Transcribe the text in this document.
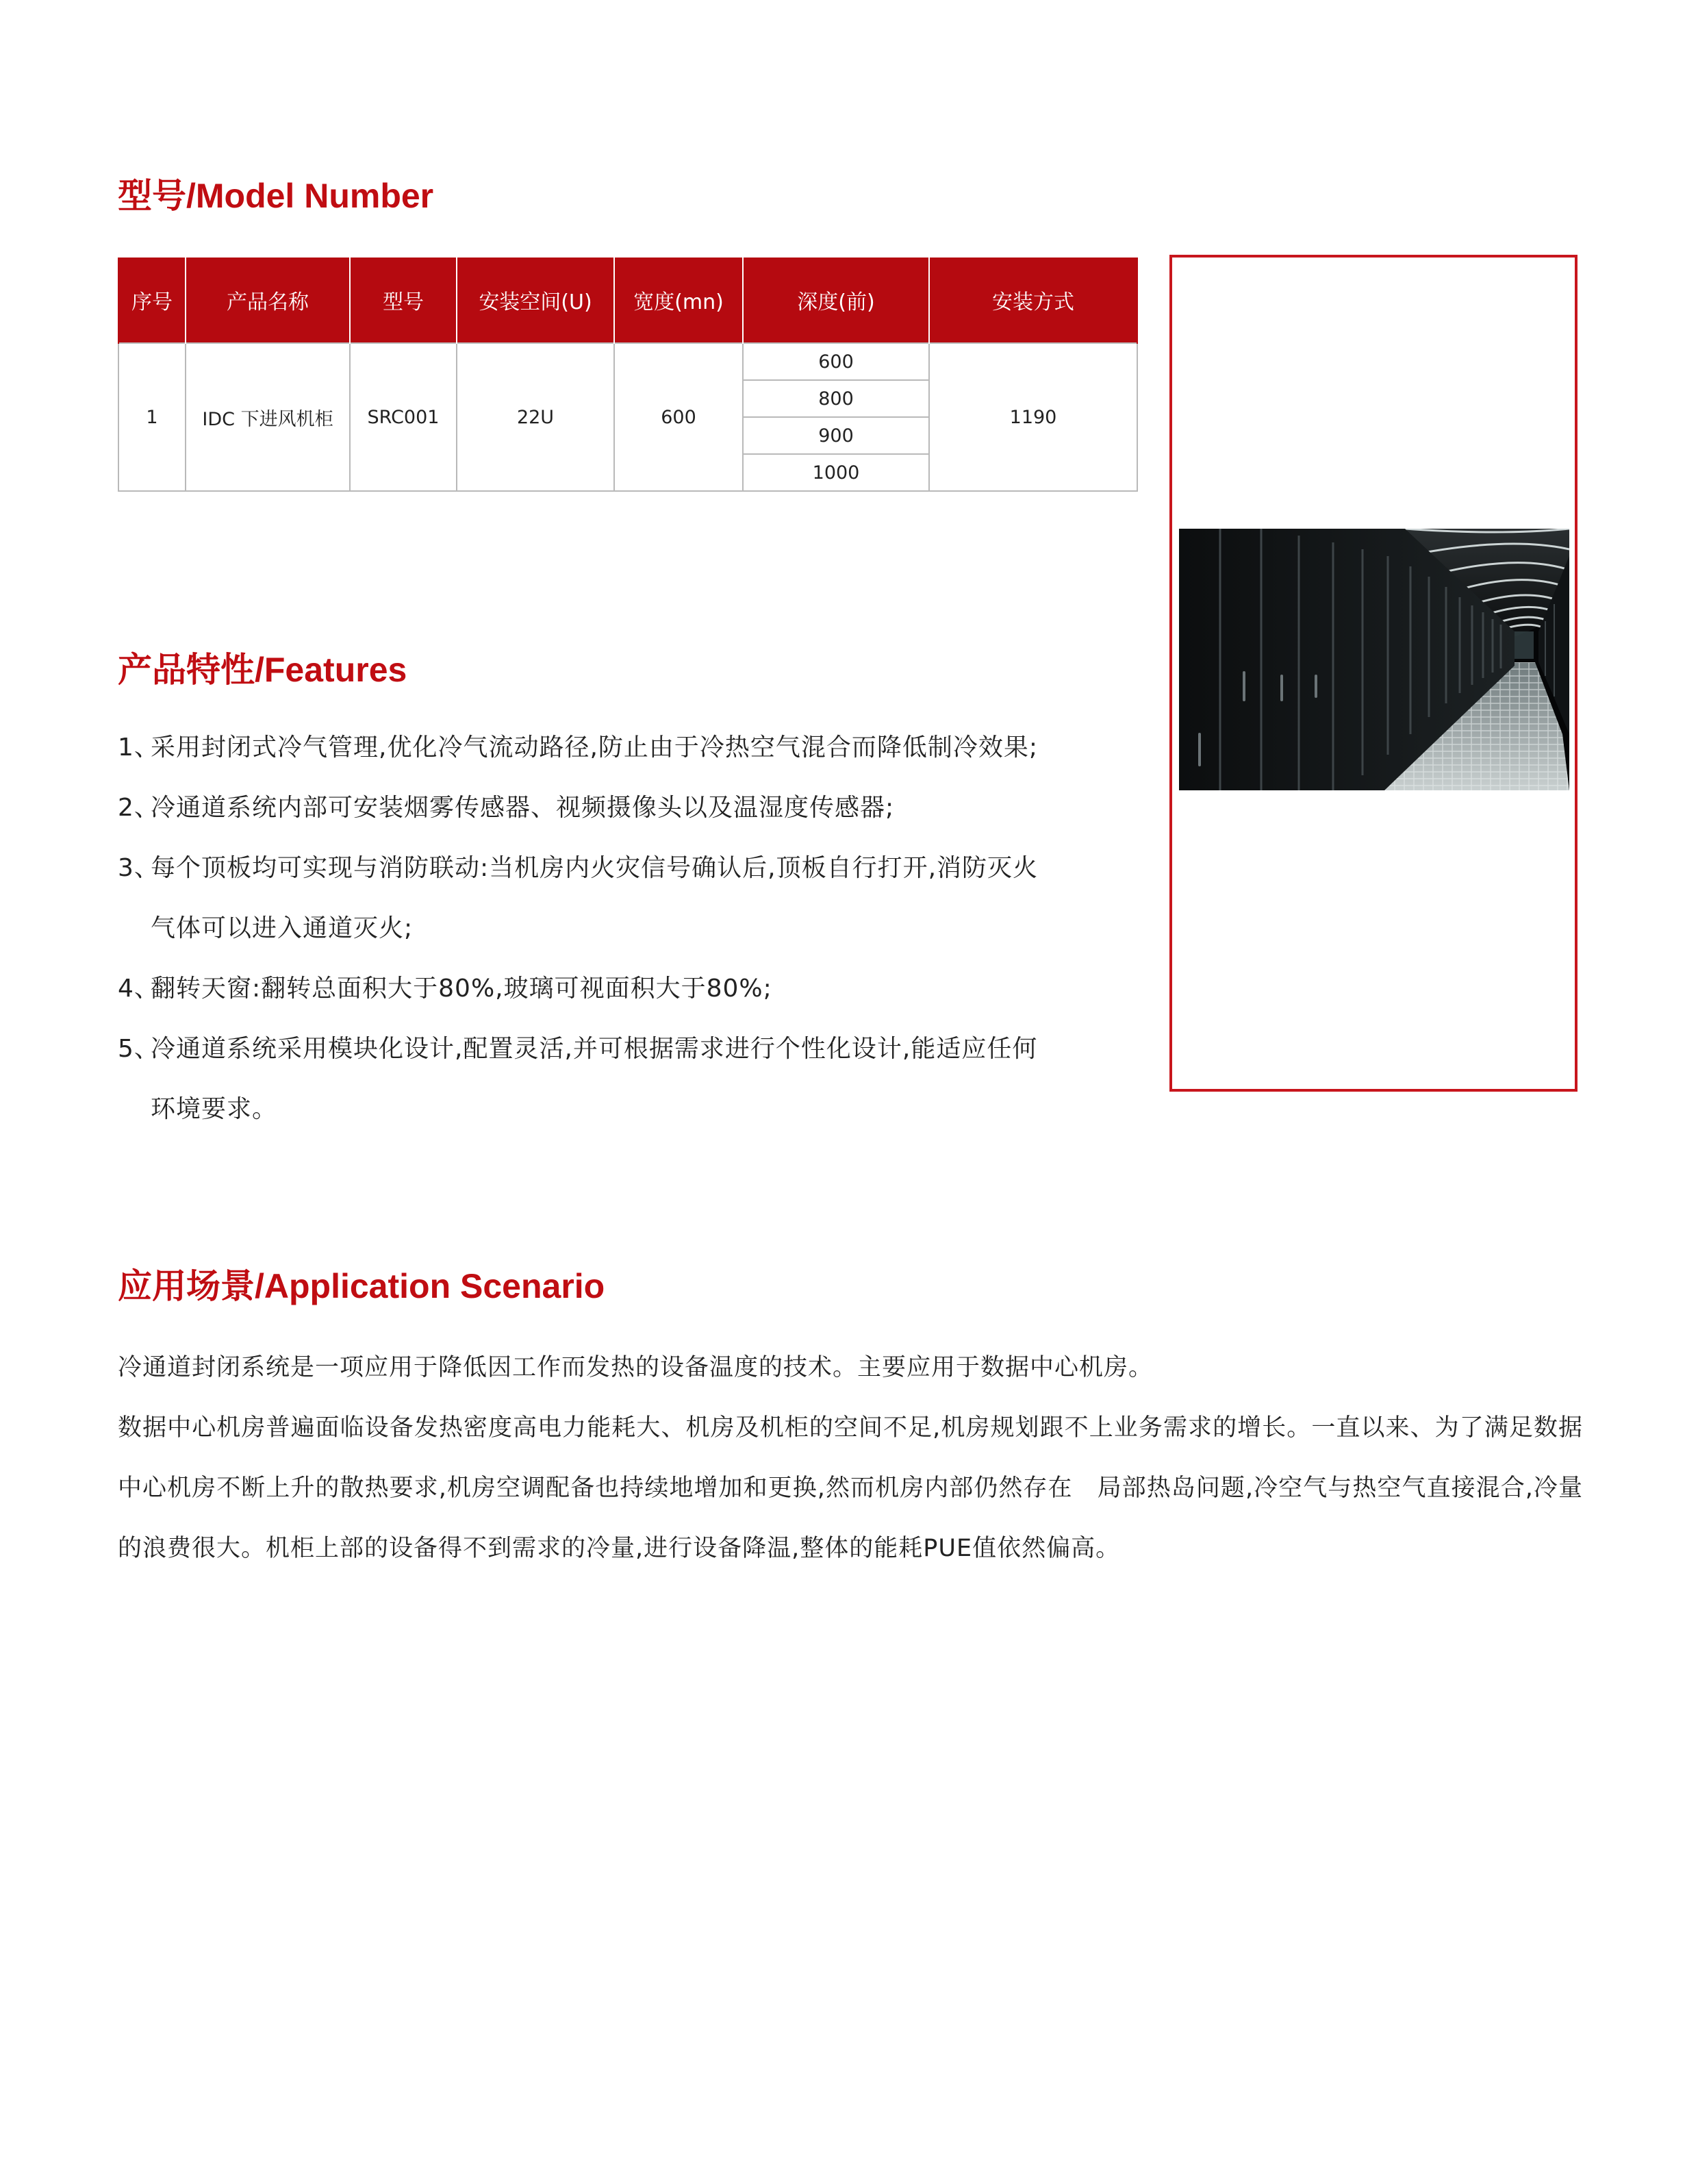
型号/Model Number
序号	产品名称	型号	安装空间(U)	宽度(mn)	深度(前)	安装方式
1	IDC 下进风机柜	SRC001	22U	600	600	1190
					800	
					900	
					1000	
产品特性/Features
1、
采用封闭式冷气管理,优化冷气流动路径,防止由于冷热空气混合而降低制冷效果;
2、
冷通道系统内部可安装烟雾传感器、视频摄像头以及温湿度传感器;
3、
每个顶板均可实现与消防联动:当机房内火灾信号确认后,顶板自行打开,消防灭火
气体可以进入通道灭火;
4、
翻转天窗:翻转总面积大于80%,玻璃可视面积大于80%;
5、
冷通道系统采用模块化设计,配置灵活,并可根据需求进行个性化设计,能适应任何
环境要求。
应用场景/Application Scenario

冷通道封闭系统是一项应用于降低因工作而发热的设备温度的技术。主要应用于数据中心机房。

数据中心机房普遍面临设备发热密度高电力能耗大、机房及机柜的空间不足,机房规划跟不上业务需求的增长。一直以来、为了满足数据中心机房不断上升的散热要求,机房空调配备也持续地增加和更换,然而机房内部仍然存在　局部热岛问题,冷空气与热空气直接混合,冷量的浪费很大。机柜上部的设备得不到需求的冷量,进行设备降温,整体的能耗PUE值依然偏高。
